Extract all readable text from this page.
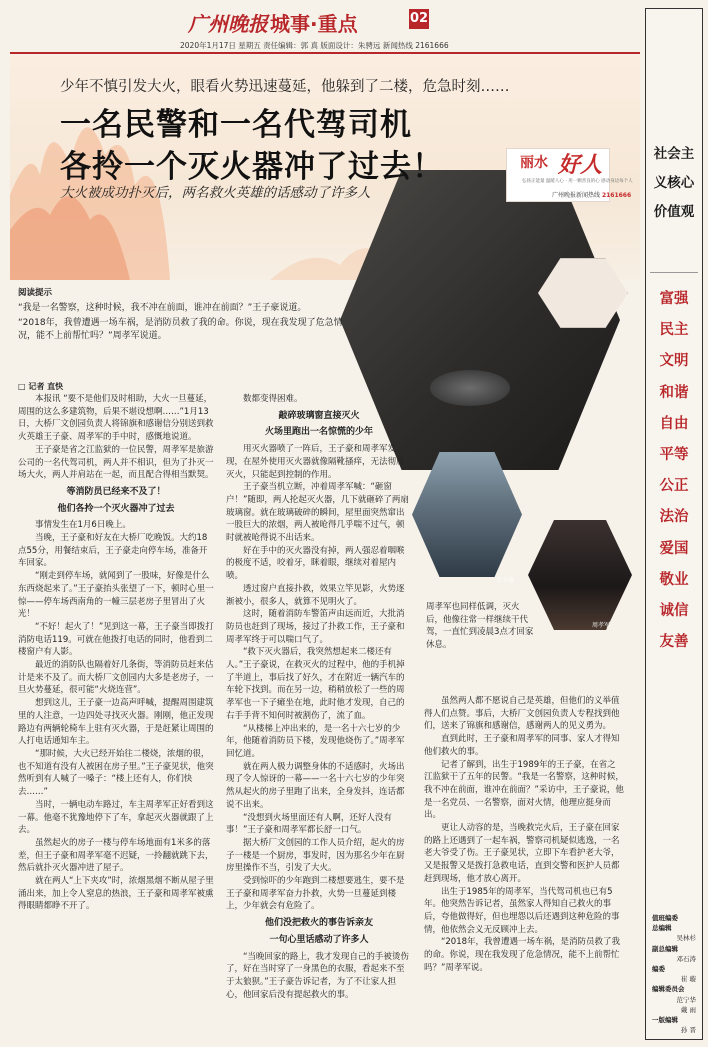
广州晚报 城事·重点	02
2020年1月17日 星期五 责任编辑：郭 真 版面设计：朱骋远 新闻热线 2161666
少年不慎引发大火，眼看火势迅速蔓延，他躲到了二楼，危急时刻……
一名民警和一名代驾司机
各拎一个灭火器冲了过去！
大火被成功扑灭后，两名救火英雄的话感动了许多人
丽水 好人
弘扬正能量 温暖人心 · 用一颗善良的心 感动身边每个人
广州晚报新闻热线 2161666
阅读提示

“我是一名警察，这种时候，我不冲在前面，谁冲在前面？”王子豪说道。

“2018年，我曾遭遇一场车祸，是消防员救了我的命。你说，现在我发现了危急情况，能不上前帮忙吗？”周孝军说道。

□ 记者 直快

本报讯 “要不是他们及时相助，大火一旦蔓延，周围的这么多建筑物，后果不堪设想啊……”1月13日，大桥厂文创园负责人将锦旗和感谢信分别送到救火英雄王子豪、周孝军的手中时，感慨地说道。

王子豪是省之江监狱的一位民警，周孝军是旅游公司的一名代驾司机，两人并不相识，但为了扑灭一场大火，两人并肩站在一起，而且配合得相当默契。

等消防员已经来不及了！

他们各拎一个灭火器冲了过去

事情发生在1月6日晚上。

当晚，王子豪和好友在大桥厂吃晚饭。大约18点55分，用餐结束后，王子豪走向停车场，准备开车回家。

“刚走到停车场，就闻到了一股味，好像是什么东西烧起来了。”王子豪抬头张望了一下，顿时心里一惊——停车场西南角的一幢三层老房子里冒出了火光！

“不好！起火了！”见到这一幕，王子豪当即拨打消防电话119。可就在他拨打电话的同时，他看到二楼窗户有人影。

最近的消防队也隔着好几条街，等消防员赶来估计是来不及了。而大桥厂文创园内大多是老房子，一旦火势蔓延，很可能“火烧连营”。

想到这儿，王子豪一边高声呼喊，提醒周围建筑里的人注意，一边四处寻找灭火器。刚刚，他正发现路边有两辆轮椅车上驻有灭火器，于是赶紧让周围的人打电话通知车主。

“那时候，大火已经开始往二楼烧，浓烟的很，也不知道有没有人被困在房子里。”王子豪见状，他突然听到有人喊了一嗓子：“楼上还有人，你们快去……”

当时，一辆电动车路过，车主周孝军正好看到这一幕。他毫不犹豫地停下了车，拿起灭火器就跟了上去。

虽然起火的房子一楼与停车场地面有1米多的落差，但王子豪和周孝军毫不迟疑，一拎翻就跳下去，然后就扑灭火器冲进了屋子。

就在两人“上下夹攻”时，浓烟黑烟不断从屋子里涌出来，加上令人窒息的热浪，王子豪和周孝军被熏得眼睛都睁不开了。

数都变得困难。

敲碎玻璃窗直接灭火

火场里跑出一名惊慌的少年

用灭火器喷了一阵后，王子豪和周孝军发现，在屋外使用灭火器就像隔靴搔痒，无法彻底灭火，只能起到控制的作用。

王子豪当机立断，冲着周孝军喊：“砸窗户！”随即，两人抡起灭火器，几下就砸碎了两扇玻璃窗。就在玻璃破碎的瞬间，屋里面突然窜出一股巨大的浓烟，两人被呛得几乎喘不过气，顿时就被呛得说不出话来。

好在手中的灭火器没有掉，两人强忍着咽喉的极度不适，咬着牙，眯着眼，继续对着屋内喷。

透过窗户直接扑救，效果立竿见影，火势逐渐被小，很多人，就算不见明火了。

这时，随着消防车警笛声由远而近，大批消防员也赶到了现场，接过了扑救工作，王子豪和周孝军终于可以喘口气了。

“救下灭火器后，我突然想起来二楼还有人。”王子豪说，在救灭火的过程中，他的手机掉了半道上，事后找了好久，才在附近一辆汽车的车轮下找到。而在另一边，稍稍放松了一些的周孝军也一下子瘫坐在地，此时他才发现，自己的右手手背不知何时被割伤了，流了血。

“从楼梯上冲出来的，是一名十六七岁的少年，他随着消防员下楼，发现他烧伤了。”周孝军回忆道。

就在两人极力调整身体的不适感时，火场出现了令人惊讶的一幕——一名十六七岁的少年突然从起火的房子里跑了出来，全身发抖，连话都说不出来。

“没想到火场里面还有人啊，还好人没有事！”王子豪和周孝军都长舒一口气。

据大桥厂文创园的工作人员介绍，起火的房子一楼是一个厨房，事发时，因为那名少年在厨房里操作不当，引发了大火。

受到惊吓的少年跑到二楼想要逃生，要不是王子豪和周孝军奋力扑救，火势一旦蔓延到楼上，少年就会有危险了。

他们没把救火的事告诉亲友

一句心里话感动了许多人

“当晚回家的路上，我才发现自己的手被烫伤了，好在当时穿了一身黑色的衣服，看起来不至于太狼狈。”王子豪告诉记者，为了不让家人担心，他回家后没有提起救火的事。

王子豪
周孝军
周孝军也同样低调，灭火后，他像往常一样继续干代驾，一直忙到凌晨3点才回家休息。

虽然两人都不愿说自己是英雄，但他们的义举值得人们点赞。事后，大桥厂文创园负责人专程找到他们，送来了锦旗和感谢信，感谢两人的见义勇为。

直到此时，王子豪和周孝军的同事、家人才得知他们救火的事。

记者了解到，出生于1989年的王子豪，在省之江监狱干了五年的民警。“我是一名警察，这种时候，我不冲在前面，谁冲在前面？”采访中，王子豪说，他是一名党员、一名警察，面对火情，他理应挺身而出。

更让人动容的是，当晚救完火后，王子豪在回家的路上还遇到了一起车祸，警察司机疑似逃逸，一名老大爷受了伤。王子豪见状，立即下车看护老大爷，又是报警又是拨打急救电话，直到交警和医护人员都赶到现场，他才放心离开。

出生于1985年的周孝军，当代驾司机也已有5年。他突然告诉记者，虽然家人得知自己救火的事后，夸他做得好，但也埋怨以后还遇到这种危险的事情，他依然会义无反顾冲上去。

“2018年，我曾遭遇一场车祸，是消防员救了我的命。你说，现在我发现了危急情况，能不上前帮忙吗？”周孝军说。

社会主义核心价值观
富强
民主
文明
和谐
自由
平等
公正
法治
爱国
敬业
诚信
友善
值班编委
总编辑
吴林杉
副总编辑
邓石涛
编委
崔 璇
编辑委员会
范宁华
戴 雨
一版编辑
孙 晋
